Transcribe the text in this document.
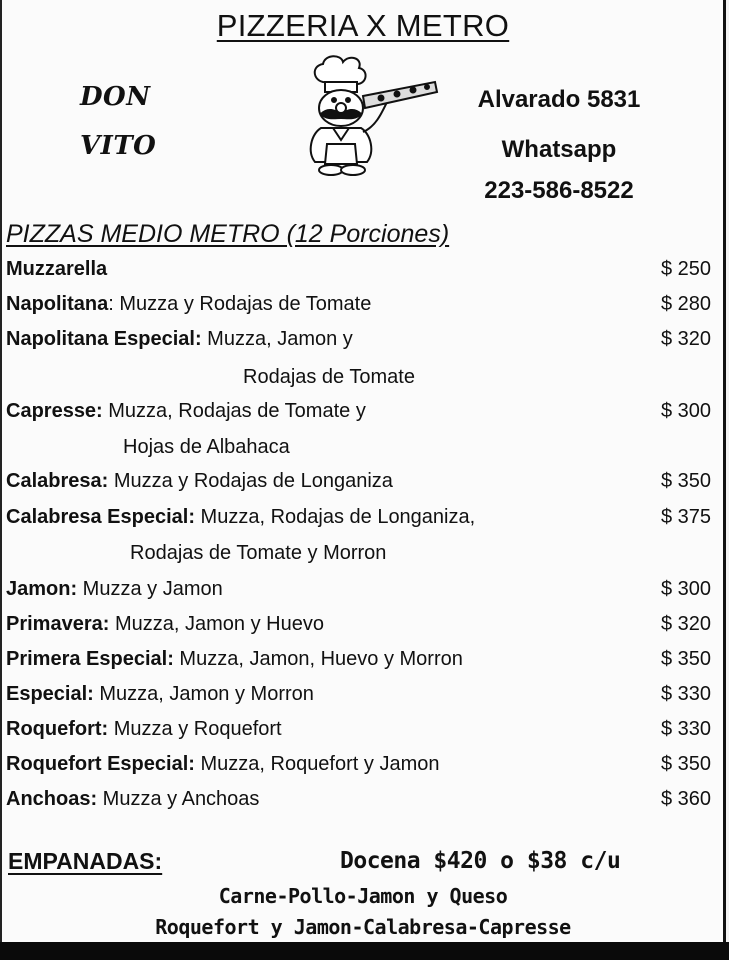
PIZZERIA X METRO
DON
VITO
Alvarado 5831
Whatsapp
223-586-8522
PIZZAS MEDIO METRO (12 Porciones)
Muzzarella	$ 250
Napolitana: Muzza y Rodajas de Tomate	$ 280
Napolitana Especial: Muzza, Jamon y	$ 320
Rodajas de Tomate
Capresse: Muzza, Rodajas de Tomate y	$ 300
Hojas de Albahaca
Calabresa: Muzza y Rodajas de Longaniza	$ 350
Calabresa Especial: Muzza, Rodajas de Longaniza,	$ 375
Rodajas de Tomate y Morron
Jamon: Muzza y Jamon	$ 300
Primavera: Muzza, Jamon y Huevo	$ 320
Primera Especial: Muzza, Jamon, Huevo y Morron	$ 350
Especial: Muzza, Jamon y Morron	$ 330
Roquefort: Muzza y Roquefort	$ 330
Roquefort Especial: Muzza, Roquefort y Jamon	$ 350
Anchoas: Muzza y Anchoas	$ 360
EMPANADAS:	Docena $420 o $38 c/u
Carne-Pollo-Jamon y Queso
Roquefort y Jamon-Calabresa-Capresse
